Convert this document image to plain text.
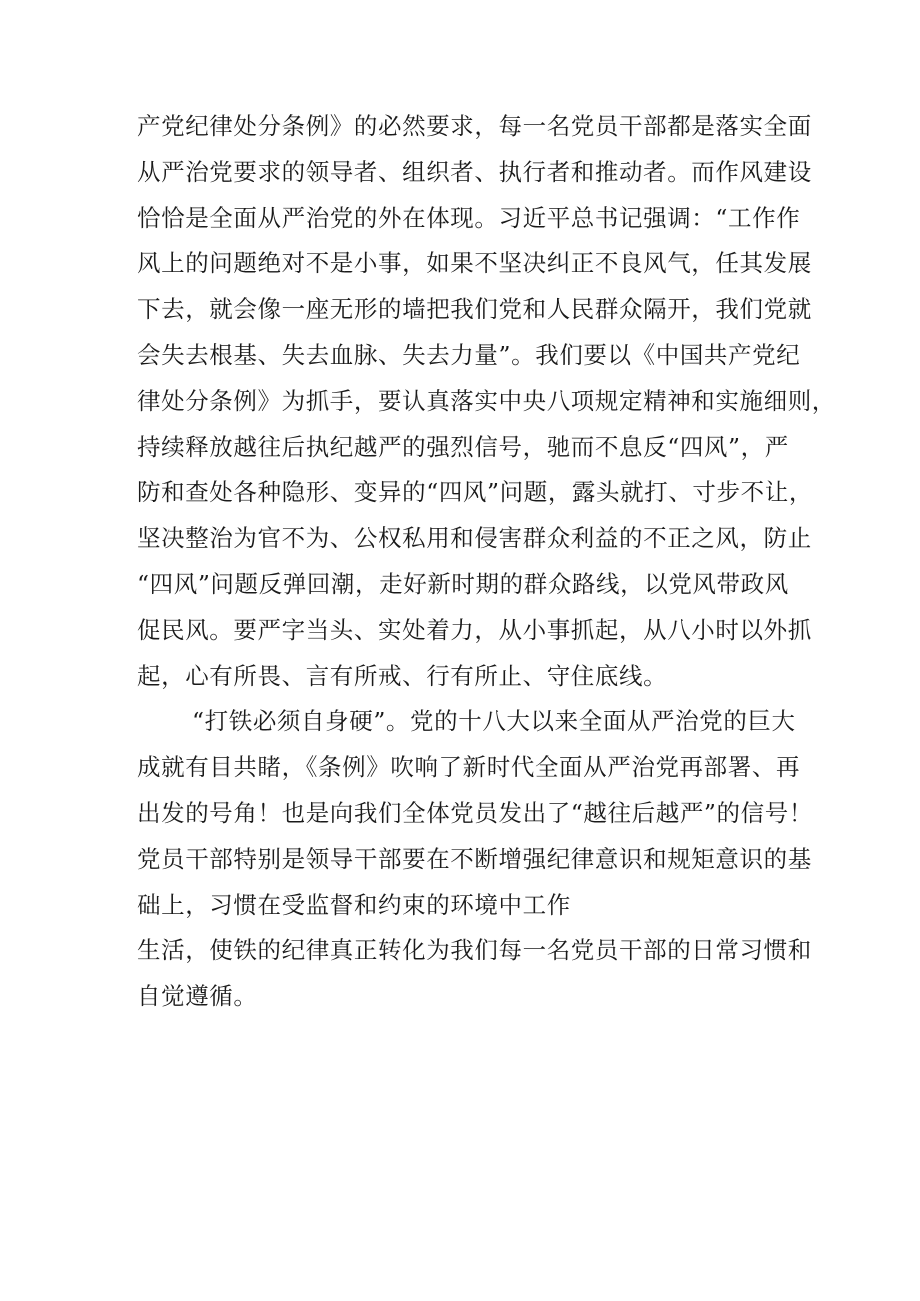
产党纪律处分条例》的必然要求，每一名党员干部都是落实全面
从严治党要求的领导者、组织者、执行者和推动者。而作风建设
恰恰是全面从严治党的外在体现。习近平总书记强调：“工作作
风上的问题绝对不是小事，如果不坚决纠正不良风气，任其发展
下去，就会像一座无形的墙把我们党和人民群众隔开，我们党就
会失去根基、失去血脉、失去力量”。我们要以《中国共产党纪
律处分条例》为抓手，要认真落实中央八项规定精神和实施细则，
持续释放越往后执纪越严的强烈信号，驰而不息反“四风”，严
防和查处各种隐形、变异的“四风”问题，露头就打、寸步不让，
坚决整治为官不为、公权私用和侵害群众利益的不正之风，防止
“四风”问题反弹回潮，走好新时期的群众路线，以党风带政风
促民风。要严字当头、实处着力，从小事抓起，从八小时以外抓
起，心有所畏、言有所戒、行有所止、守住底线。
“打铁必须自身硬”。党的十八大以来全面从严治党的巨大
成就有目共睹，《条例》吹响了新时代全面从严治党再部署、再
出发的号角！也是向我们全体党员发出了“越往后越严”的信号！
党员干部特别是领导干部要在不断增强纪律意识和规矩意识的基
础上，习惯在受监督和约束的环境中工作
生活，使铁的纪律真正转化为我们每一名党员干部的日常习惯和
自觉遵循。
